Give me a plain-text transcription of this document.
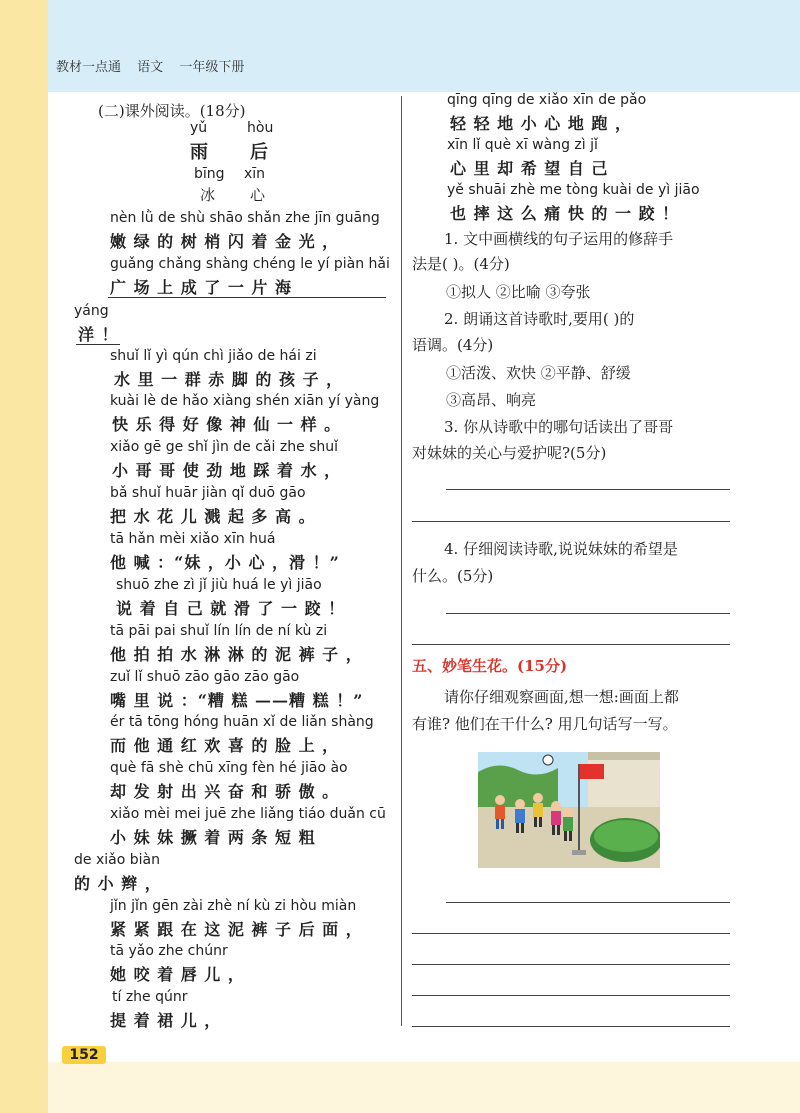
教材一点通 语文 一年级下册
(二)课外阅读。(18分)
yǔ	hòu
雨 后
bīng xīn
冰 心
nèn lǜ de shù shāo shǎn zhe jīn guāng
嫩 绿 的 树 梢 闪 着 金 光 ，
guǎng chǎng shàng chéng le yí piàn hǎi
广 场 上 成 了 一 片 海
yáng
洋 ！
shuǐ lǐ yì qún chì jiǎo de hái zi
水 里 一 群 赤 脚 的 孩 子 ，
kuài lè de hǎo xiàng shén xiān yí yàng
快 乐 得 好 像 神 仙 一 样 。
xiǎo gē ge shǐ jìn de cǎi zhe shuǐ
小 哥 哥 使 劲 地 踩 着 水 ，
bǎ shuǐ huār jiàn qǐ duō gāo
把 水 花 儿 溅 起 多 高 。
tā hǎn mèi xiǎo xīn huá
他 喊 ：“妹 ，小 心 ，滑 ！”
shuō zhe zì jǐ jiù huá le yì jiāo
说 着 自 己 就 滑 了 一 跤 ！
tā pāi pai shuǐ lín lín de ní kù zi
他 拍 拍 水 淋 淋 的 泥 裤 子 ，
zuǐ lǐ shuō zāo gāo zāo gāo
嘴 里 说 ：“糟 糕 ——糟 糕 ！”
ér tā tōng hóng huān xǐ de liǎn shàng
而 他 通 红 欢 喜 的 脸 上 ，
què fā shè chū xīng fèn hé jiāo ào
却 发 射 出 兴 奋 和 骄 傲 。
xiǎo mèi mei juē zhe liǎng tiáo duǎn cū
小 妹 妹 撅 着 两 条 短 粗
de xiǎo biàn
的 小 辫 ，
jǐn jǐn gēn zài zhè ní kù zi hòu miàn
紧 紧 跟 在 这 泥 裤 子 后 面 ，
tā yǎo zhe chúnr
她 咬 着 唇 儿 ，
tí zhe qúnr
提 着 裙 儿 ，
qīng qīng de xiǎo xīn de pǎo
轻 轻 地 小 心 地 跑 ，
xīn lǐ què xī wàng zì jǐ
心 里 却 希 望 自 己
yě shuāi zhè me tòng kuài de yì jiāo
也 摔 这 么 痛 快 的 一 跤 ！
1. 文中画横线的句子运用的修辞手
法是( )。(4分)
①拟人 ②比喻 ③夸张
2. 朗诵这首诗歌时,要用( )的
语调。(4分)
①活泼、欢快 ②平静、舒缓
③高昂、响亮
3. 你从诗歌中的哪句话读出了哥哥
对妹妹的关心与爱护呢?(5分)
4. 仔细阅读诗歌,说说妹妹的希望是
什么。(5分)
五、妙笔生花。(15分)
请你仔细观察画面,想一想:画面上都
有谁? 他们在干什么? 用几句话写一写。
152
